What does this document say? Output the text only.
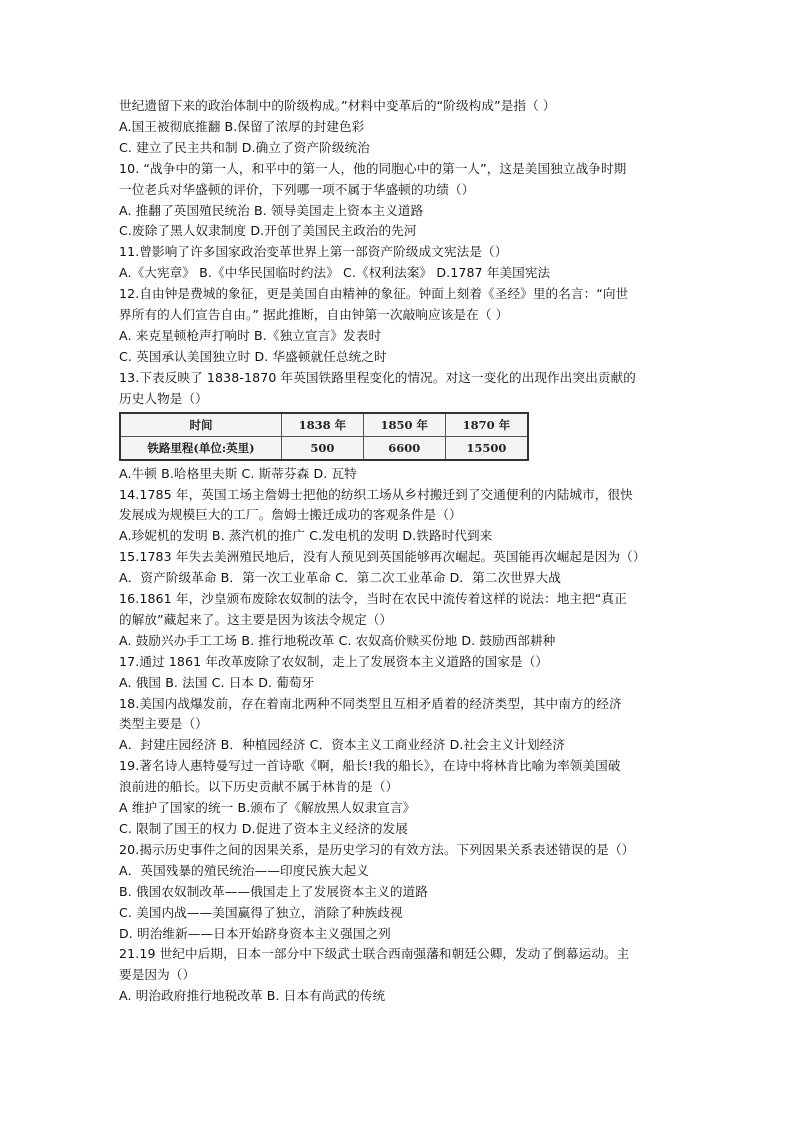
世纪遗留下来的政治体制中的阶级构成。”材料中变革后的“阶级构成”是指（ ）
A.国王被彻底推翻 B.保留了浓厚的封建色彩
C. 建立了民主共和制 D.确立了资产阶级统治
10. “战争中的第一人，和平中的第一人，他的同胞心中的第一人”，这是美国独立战争时期
一位老兵对华盛顿的评价，下列哪一项不属于华盛顿的功绩（）
A. 推翻了英国殖民统治 B. 领导美国走上资本主义道路
C.废除了黑人奴隶制度 D.开创了美国民主政治的先河
11.曾影响了许多国家政治变革世界上第一部资产阶级成文宪法是（）
A.《大宪章》 B.《中华民国临时约法》 C.《权利法案》 D.1787 年美国宪法
12.自由钟是费城的象征，更是美国自由精神的象征。钟面上刻着《圣经》里的名言：“向世
界所有的人们宣告自由。” 据此推断，自由钟第一次敲响应该是在（ ）
A. 来克星顿枪声打响时 B.《独立宣言》发表时
C. 英国承认美国独立时 D. 华盛顿就任总统之时
13.下表反映了 1838-1870 年英国铁路里程变化的情况。对这一变化的出现作出突出贡献的
历史人物是（）
时间	1838 年	1850 年	1870 年
铁路里程(单位:英里)	500	6600	15500
A.牛顿 B.哈格里夫斯 C. 斯蒂芬森 D. 瓦特
14.1785 年，英国工场主詹姆士把他的纺织工场从乡村搬迁到了交通便利的内陆城市，很快
发展成为规模巨大的工厂。詹姆士搬迁成功的客观条件是（）
A.珍妮机的发明 B. 蒸汽机的推广 C.发电机的发明 D.铁路时代到来
15.1783 年失去美洲殖民地后，没有人预见到英国能够再次崛起。英国能再次崛起是因为（）
A．资产阶级革命 B．第一次工业革命 C．第二次工业革命 D．第二次世界大战
16.1861 年，沙皇颁布废除农奴制的法令，当时在农民中流传着这样的说法：地主把“真正
的解放”藏起来了。这主要是因为该法令规定（）
A. 鼓励兴办手工工场 B. 推行地税改革 C. 农奴高价赎买份地 D. 鼓励西部耕种
17.通过 1861 年改革废除了农奴制，走上了发展资本主义道路的国家是（）
A. 俄国 B. 法国 C. 日本 D. 葡萄牙
18.美国内战爆发前，存在着南北两种不同类型且互相矛盾着的经济类型，其中南方的经济
类型主要是（）
A．封建庄园经济 B．种植园经济 C．资本主义工商业经济 D.社会主义计划经济
19.著名诗人惠特曼写过一首诗歌《啊，船长!我的船长》，在诗中将林肯比喻为率领美国破
浪前进的船长。以下历史贡献不属于林肯的是（）
A 维护了国家的统一 B.颁布了《解放黑人奴隶宣言》
C. 限制了国王的权力 D.促进了资本主义经济的发展
20.揭示历史事件之间的因果关系，是历史学习的有效方法。下列因果关系表述错误的是（）
A．英国残暴的殖民统治——印度民族大起义
B. 俄国农奴制改革——俄国走上了发展资本主义的道路
C. 美国内战——美国赢得了独立，消除了种族歧视
D. 明治维新——日本开始跻身资本主义强国之列
21.19 世纪中后期，日本一部分中下级武士联合西南强藩和朝廷公卿，发动了倒幕运动。主
要是因为（）
A. 明治政府推行地税改革 B. 日本有尚武的传统
